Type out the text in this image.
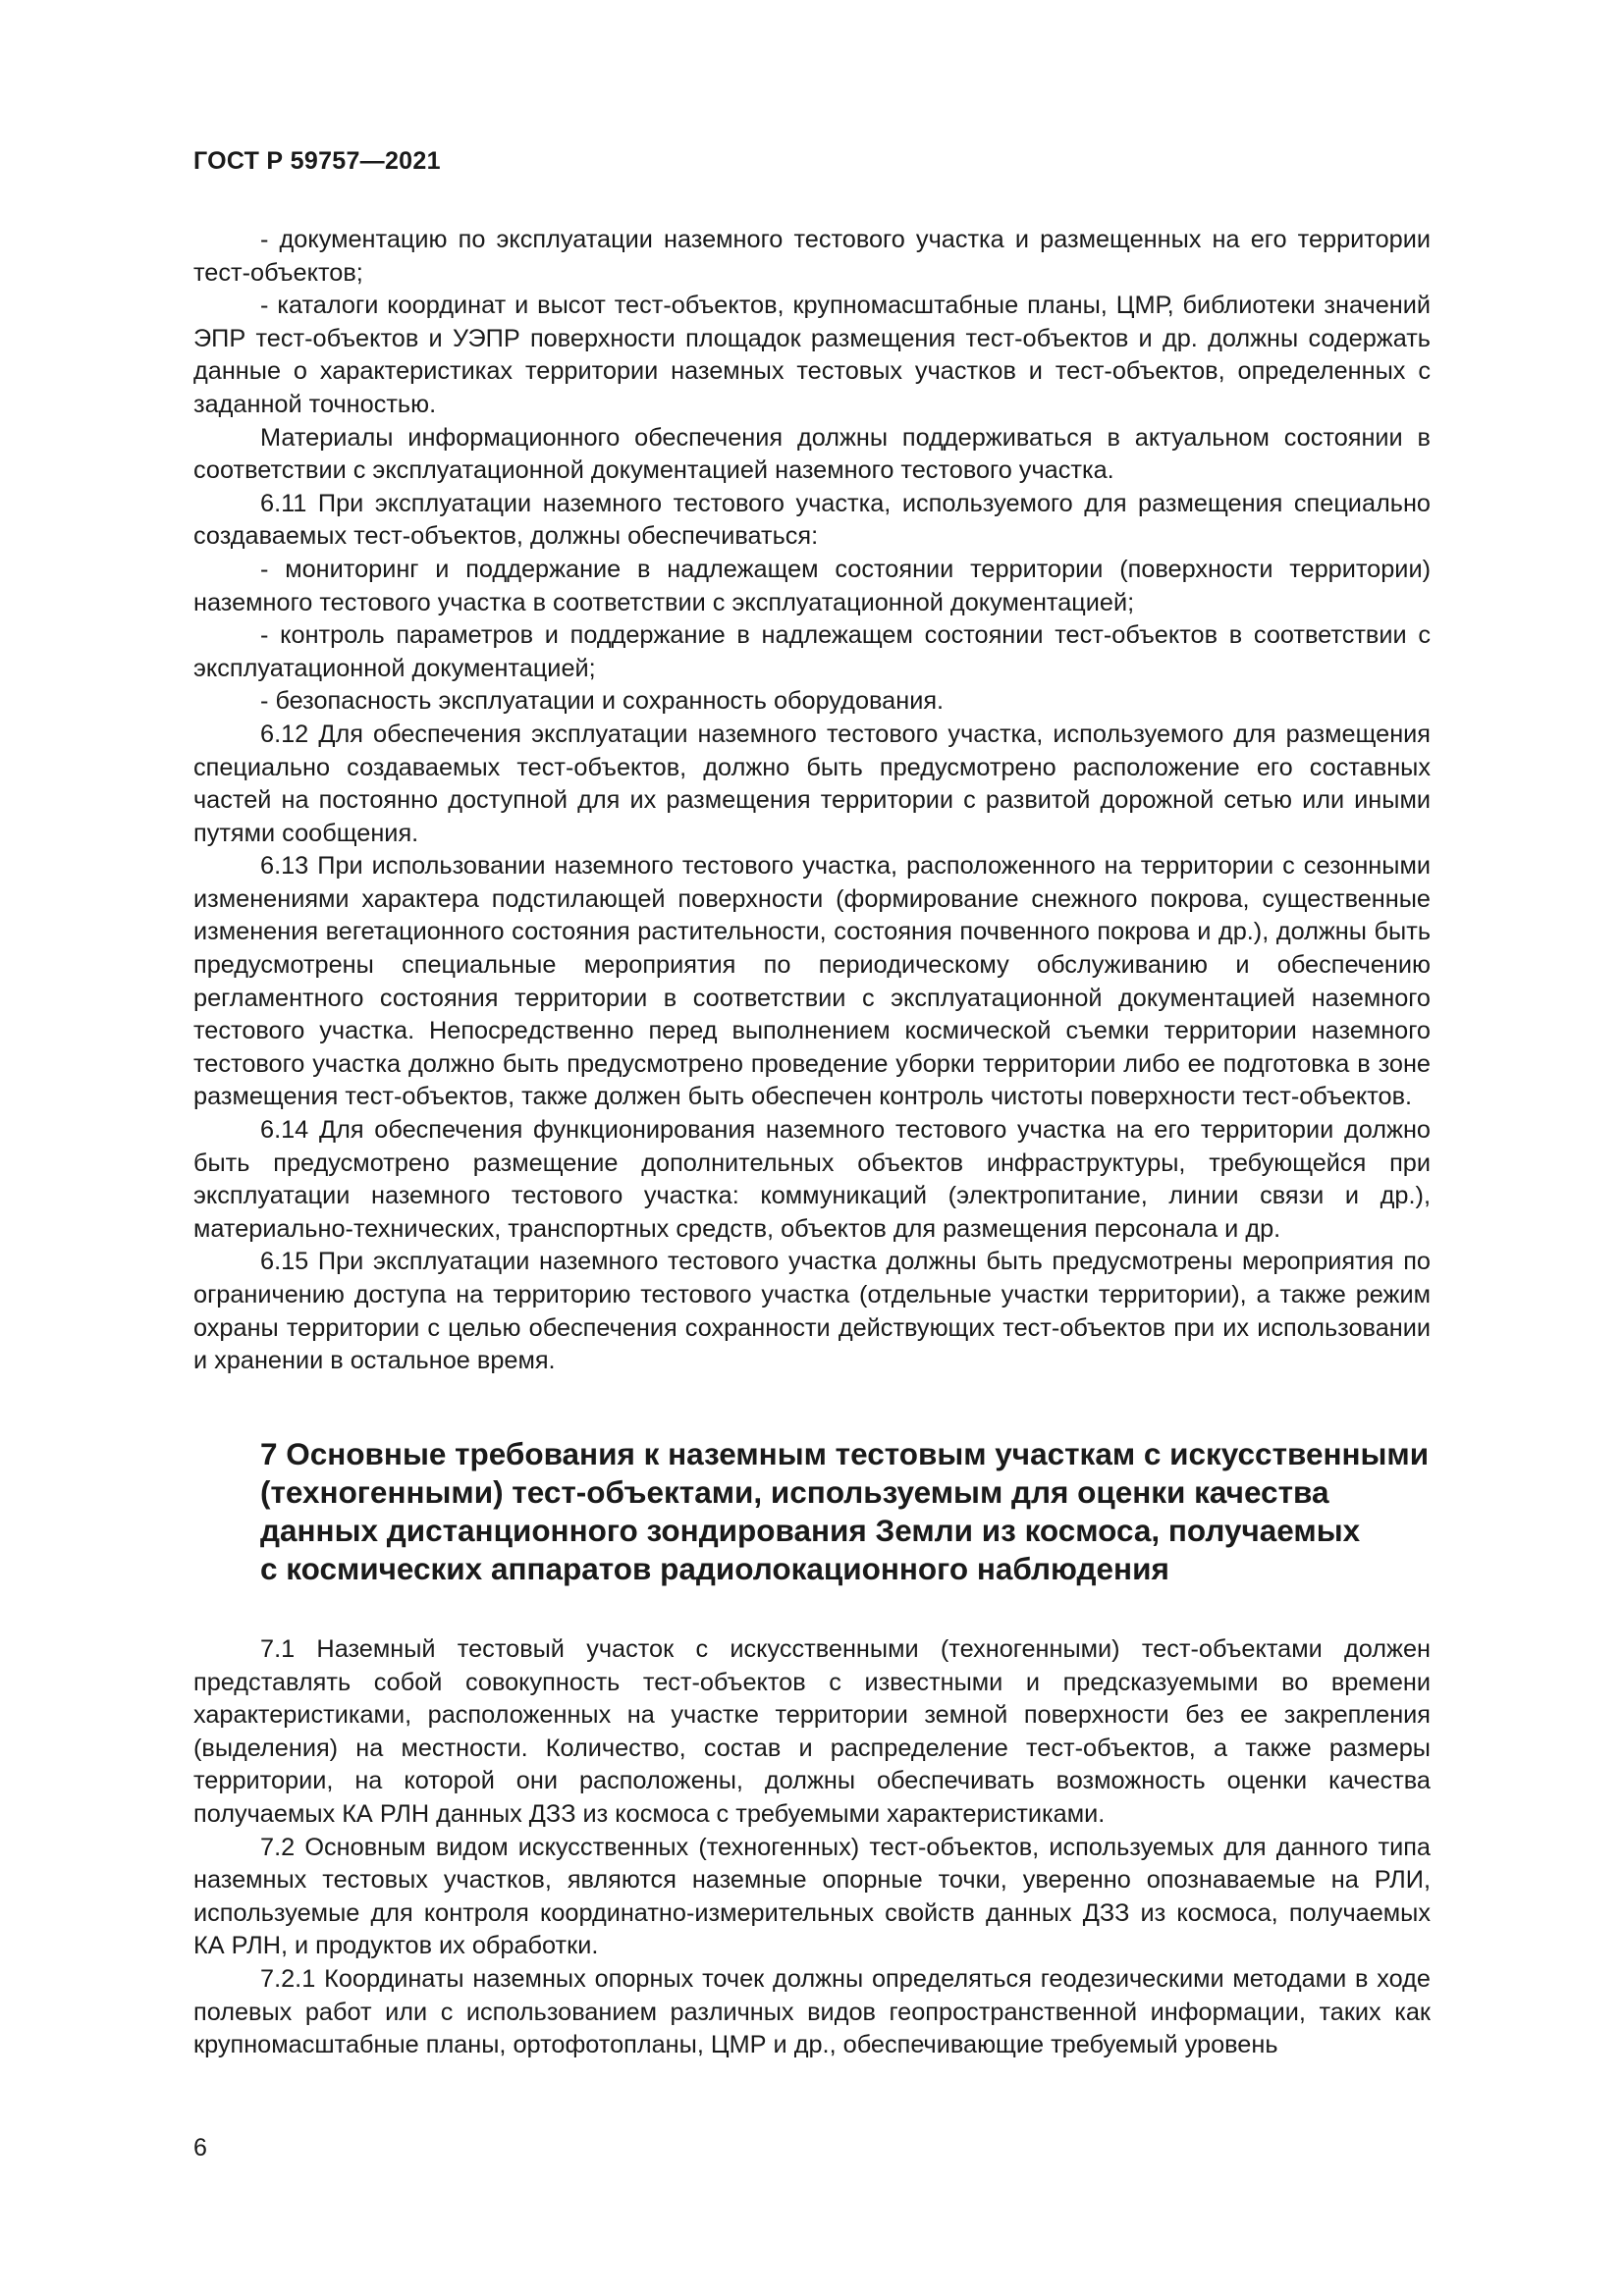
ГОСТ Р 59757—2021

- документацию по эксплуатации наземного тестового участка и размещенных на его территории тест-объектов;

- каталоги координат и высот тест-объектов, крупномасштабные планы, ЦМР, библиотеки значений ЭПР тест-объектов и УЭПР поверхности площадок размещения тест-объектов и др. должны содержать данные о характеристиках территории наземных тестовых участков и тест-объектов, определенных с заданной точностью.

Материалы информационного обеспечения должны поддерживаться в актуальном состоянии в соответствии с эксплуатационной документацией наземного тестового участка.

6.11 При эксплуатации наземного тестового участка, используемого для размещения специально создаваемых тест-объектов, должны обеспечиваться:

- мониторинг и поддержание в надлежащем состоянии территории (поверхности территории) наземного тестового участка в соответствии с эксплуатационной документацией;

- контроль параметров и поддержание в надлежащем состоянии тест-объектов в соответствии с эксплуатационной документацией;

- безопасность эксплуатации и сохранность оборудования.

6.12 Для обеспечения эксплуатации наземного тестового участка, используемого для размещения специально создаваемых тест-объектов, должно быть предусмотрено расположение его составных частей на постоянно доступной для их размещения территории с развитой дорожной сетью или иными путями сообщения.

6.13 При использовании наземного тестового участка, расположенного на территории с сезонными изменениями характера подстилающей поверхности (формирование снежного покрова, существенные изменения вегетационного состояния растительности, состояния почвенного покрова и др.), должны быть предусмотрены специальные мероприятия по периодическому обслуживанию и обеспечению регламентного состояния территории в соответствии с эксплуатационной документацией наземного тестового участка. Непосредственно перед выполнением космической съемки территории наземного тестового участка должно быть предусмотрено проведение уборки территории либо ее подготовка в зоне размещения тест-объектов, также должен быть обеспечен контроль чистоты поверхности тест-объектов.

6.14 Для обеспечения функционирования наземного тестового участка на его территории должно быть предусмотрено размещение дополнительных объектов инфраструктуры, требующейся при эксплуатации наземного тестового участка: коммуникаций (электропитание, линии связи и др.), материально-технических, транспортных средств, объектов для размещения персонала и др.

6.15 При эксплуатации наземного тестового участка должны быть предусмотрены мероприятия по ограничению доступа на территорию тестового участка (отдельные участки территории), а также режим охраны территории с целью обеспечения сохранности действующих тест-объектов при их использовании и хранении в остальное время.

7 Основные требования к наземным тестовым участкам с искусственными
(техногенными) тест-объектами, используемым для оценки качества
данных дистанционного зондирования Земли из космоса, получаемых
с космических аппаратов радиолокационного наблюдения

7.1 Наземный тестовый участок с искусственными (техногенными) тест-объектами должен представлять собой совокупность тест-объектов с известными и предсказуемыми во времени характеристиками, расположенных на участке территории земной поверхности без ее закрепления (выделения) на местности. Количество, состав и распределение тест-объектов, а также размеры территории, на которой они расположены, должны обеспечивать возможность оценки качества получаемых КА РЛН данных ДЗЗ из космоса с требуемыми характеристиками.

7.2 Основным видом искусственных (техногенных) тест-объектов, используемых для данного типа наземных тестовых участков, являются наземные опорные точки, уверенно опознаваемые на РЛИ, используемые для контроля координатно-измерительных свойств данных ДЗЗ из космоса, получаемых КА РЛН, и продуктов их обработки.

7.2.1 Координаты наземных опорных точек должны определяться геодезическими методами в ходе полевых работ или с использованием различных видов геопространственной информации, таких как крупномасштабные планы, ортофотопланы, ЦМР и др., обеспечивающие требуемый уровень

6
